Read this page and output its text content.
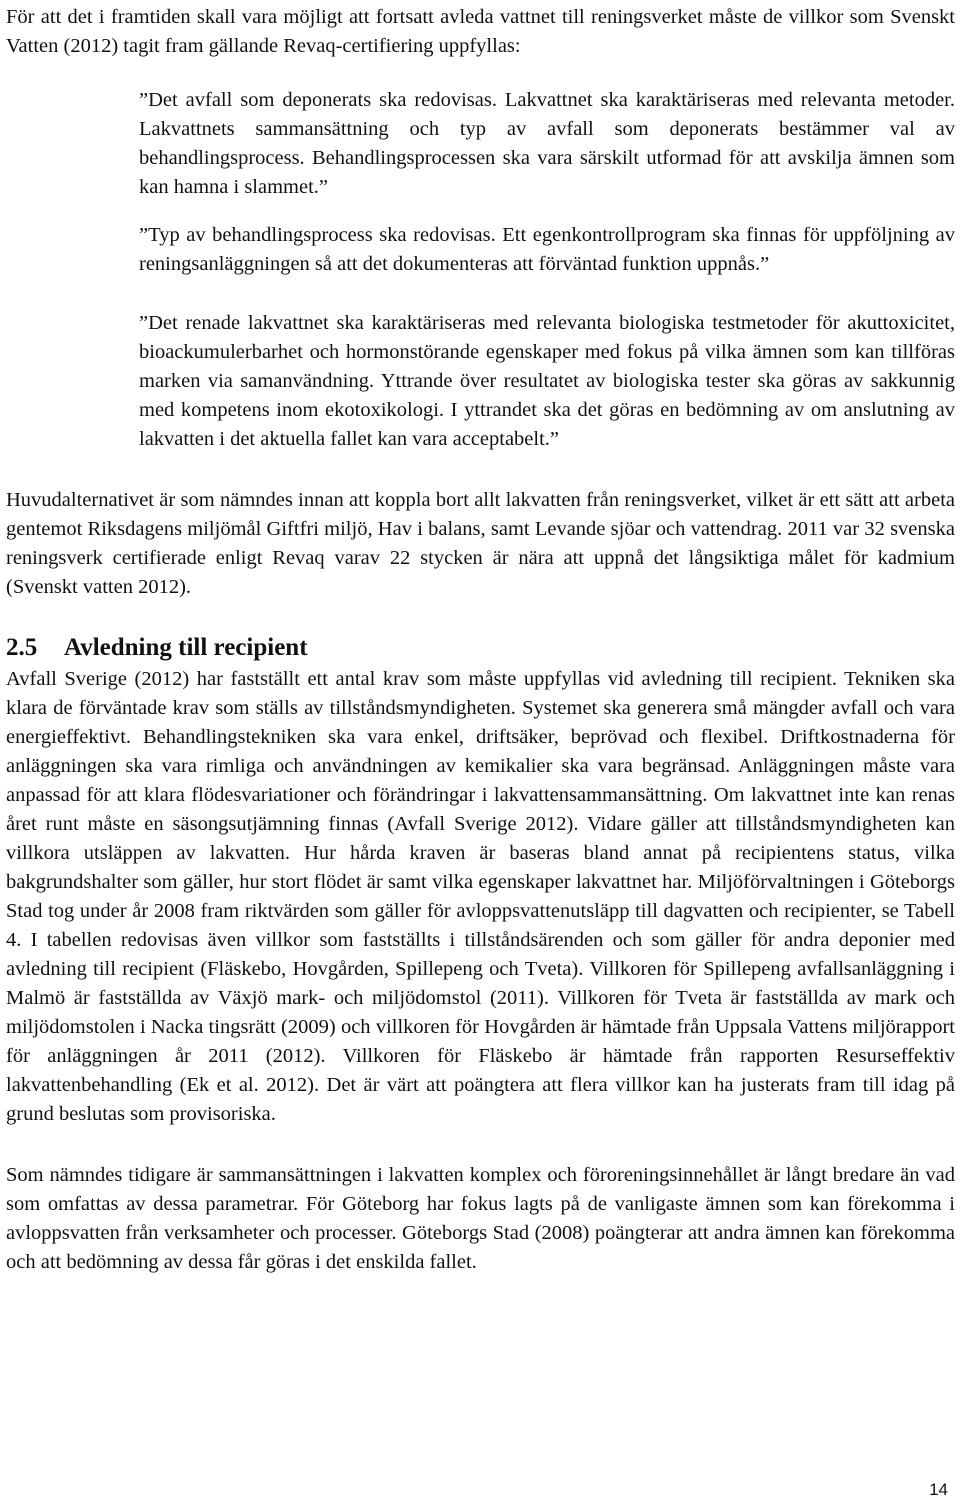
För att det i framtiden skall vara möjligt att fortsatt avleda vattnet till reningsverket måste de villkor som Svenskt Vatten (2012) tagit fram gällande Revaq-certifiering uppfyllas:

”Det avfall som deponerats ska redovisas. Lakvattnet ska karaktäriseras med relevanta metoder. Lakvattnets sammansättning och typ av avfall som deponerats bestämmer val av behandlingsprocess. Behandlingsprocessen ska vara särskilt utformad för att avskilja ämnen som kan hamna i slammet.”

”Typ av behandlingsprocess ska redovisas. Ett egenkontrollprogram ska finnas för uppföljning av reningsanläggningen så att det dokumenteras att förväntad funktion uppnås.”

”Det renade lakvattnet ska karaktäriseras med relevanta biologiska testmetoder för akuttoxicitet, bioackumulerbarhet och hormonstörande egenskaper med fokus på vilka ämnen som kan tillföras marken via samanvändning. Yttrande över resultatet av biologiska tester ska göras av sakkunnig med kompetens inom ekotoxikologi. I yttrandet ska det göras en bedömning av om anslutning av lakvatten i det aktuella fallet kan vara acceptabelt.”

Huvudalternativet är som nämndes innan att koppla bort allt lakvatten från reningsverket, vilket är ett sätt att arbeta gentemot Riksdagens miljömål Giftfri miljö, Hav i balans, samt Levande sjöar och vattendrag. 2011 var 32 svenska reningsverk certifierade enligt Revaq varav 22 stycken är nära att uppnå det långsiktiga målet för kadmium (Svenskt vatten 2012).

2.5 Avledning till recipient

Avfall Sverige (2012) har fastställt ett antal krav som måste uppfyllas vid avledning till recipient. Tekniken ska klara de förväntade krav som ställs av tillståndsmyndigheten. Systemet ska generera små mängder avfall och vara energieffektivt. Behandlingstekniken ska vara enkel, driftsäker, beprövad och flexibel. Driftkostnaderna för anläggningen ska vara rimliga och användningen av kemikalier ska vara begränsad. Anläggningen måste vara anpassad för att klara flödesvariationer och förändringar i lakvattensammansättning. Om lakvattnet inte kan renas året runt måste en säsongsutjämning finnas (Avfall Sverige 2012). Vidare gäller att tillståndsmyndigheten kan villkora utsläppen av lakvatten. Hur hårda kraven är baseras bland annat på recipientens status, vilka bakgrundshalter som gäller, hur stort flödet är samt vilka egenskaper lakvattnet har. Miljöförvaltningen i Göteborgs Stad tog under år 2008 fram riktvärden som gäller för avloppsvattenutsläpp till dagvatten och recipienter, se Tabell 4. I tabellen redovisas även villkor som fastställts i tillståndsärenden och som gäller för andra deponier med avledning till recipient (Fläskebo, Hovgården, Spillepeng och Tveta). Villkoren för Spillepeng avfallsanläggning i Malmö är fastställda av Växjö mark- och miljödomstol (2011). Villkoren för Tveta är fastställda av mark och miljödomstolen i Nacka tingsrätt (2009) och villkoren för Hovgården är hämtade från Uppsala Vattens miljörapport för anläggningen år 2011 (2012). Villkoren för Fläskebo är hämtade från rapporten Resurseffektiv lakvattenbehandling (Ek et al. 2012). Det är värt att poängtera att flera villkor kan ha justerats fram till idag på grund beslutas som provisoriska.

Som nämndes tidigare är sammansättningen i lakvatten komplex och föroreningsinnehållet är långt bredare än vad som omfattas av dessa parametrar. För Göteborg har fokus lagts på de vanligaste ämnen som kan förekomma i avloppsvatten från verksamheter och processer. Göteborgs Stad (2008) poängterar att andra ämnen kan förekomma och att bedömning av dessa får göras i det enskilda fallet.

14
